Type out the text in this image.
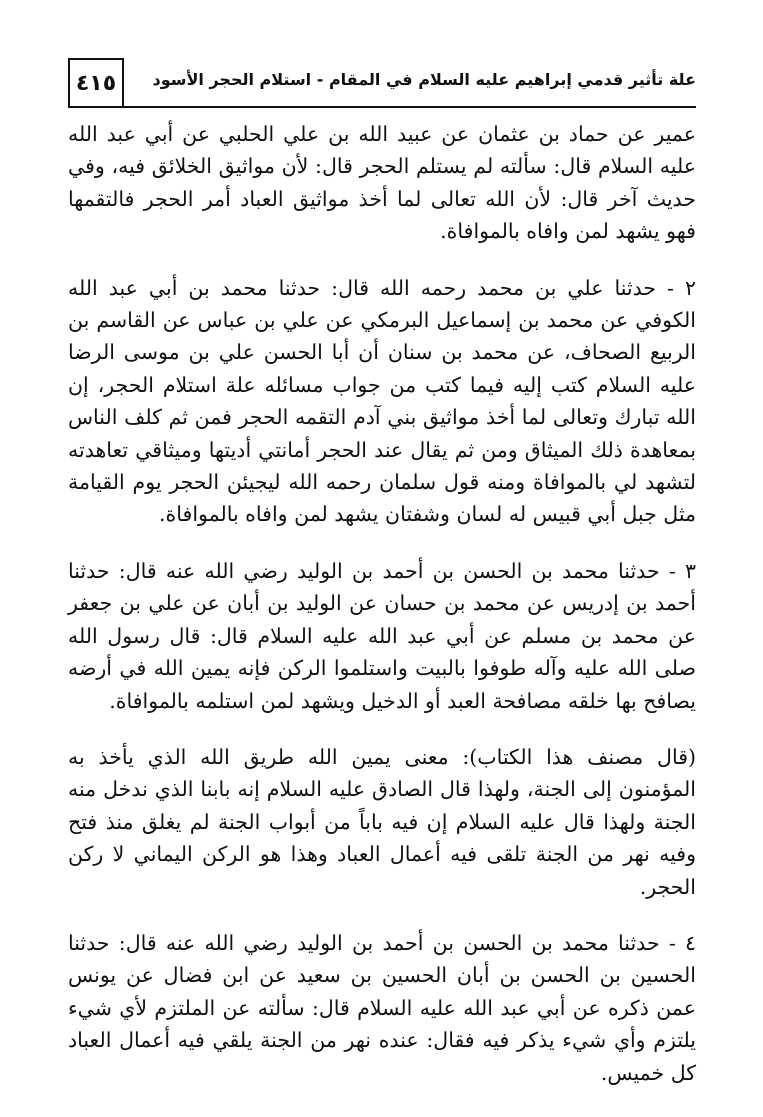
٤١٥	علة تأثير قدمي إبراهيم عليه السلام في المقام - استلام الحجر الأسود

عمير عن حماد بن عثمان عن عبيد الله بن علي الحلبي عن أبي عبد الله عليه السلام قال: سألته لم يستلم الحجر قال: لأن مواثيق الخلائق فيه، وفي حديث آخر قال: لأن الله تعالى لما أخذ مواثيق العباد أمر الحجر فالتقمها فهو يشهد لمن وافاه بالموافاة.

٢ - حدثنا علي بن محمد رحمه الله قال: حدثنا محمد بن أبي عبد الله الكوفي عن محمد بن إسماعيل البرمكي عن علي بن عباس عن القاسم بن الربيع الصحاف، عن محمد بن سنان أن أبا الحسن علي بن موسى الرضا عليه السلام كتب إليه فيما كتب من جواب مسائله علة استلام الحجر، إن الله تبارك وتعالى لما أخذ مواثيق بني آدم التقمه الحجر فمن ثم كلف الناس بمعاهدة ذلك الميثاق ومن ثم يقال عند الحجر أمانتي أديتها وميثاقي تعاهدته لتشهد لي بالموافاة ومنه قول سلمان رحمه الله ليجيئن الحجر يوم القيامة مثل جبل أبي قبيس له لسان وشفتان يشهد لمن وافاه بالموافاة.

٣ - حدثنا محمد بن الحسن بن أحمد بن الوليد رضي الله عنه قال: حدثنا أحمد بن إدريس عن محمد بن حسان عن الوليد بن أبان عن علي بن جعفر عن محمد بن مسلم عن أبي عبد الله عليه السلام قال: قال رسول الله صلى الله عليه وآله طوفوا بالبيت واستلموا الركن فإنه يمين الله في أرضه يصافح بها خلقه مصافحة العبد أو الدخيل ويشهد لمن استلمه بالموافاة.

(قال مصنف هذا الكتاب): معنى يمين الله طريق الله الذي يأخذ به المؤمنون إلى الجنة، ولهذا قال الصادق عليه السلام إنه بابنا الذي ندخل منه الجنة ولهذا قال عليه السلام إن فيه باباً من أبواب الجنة لم يغلق منذ فتح وفيه نهر من الجنة تلقى فيه أعمال العباد وهذا هو الركن اليماني لا ركن الحجر.

٤ - حدثنا محمد بن الحسن بن أحمد بن الوليد رضي الله عنه قال: حدثنا الحسين بن الحسن بن أبان الحسين بن سعيد عن ابن فضال عن يونس عمن ذكره عن أبي عبد الله عليه السلام قال: سألته عن الملتزم لأي شيء يلتزم وأي شيء يذكر فيه فقال: عنده نهر من الجنة يلقي فيه أعمال العباد كل خميس.
